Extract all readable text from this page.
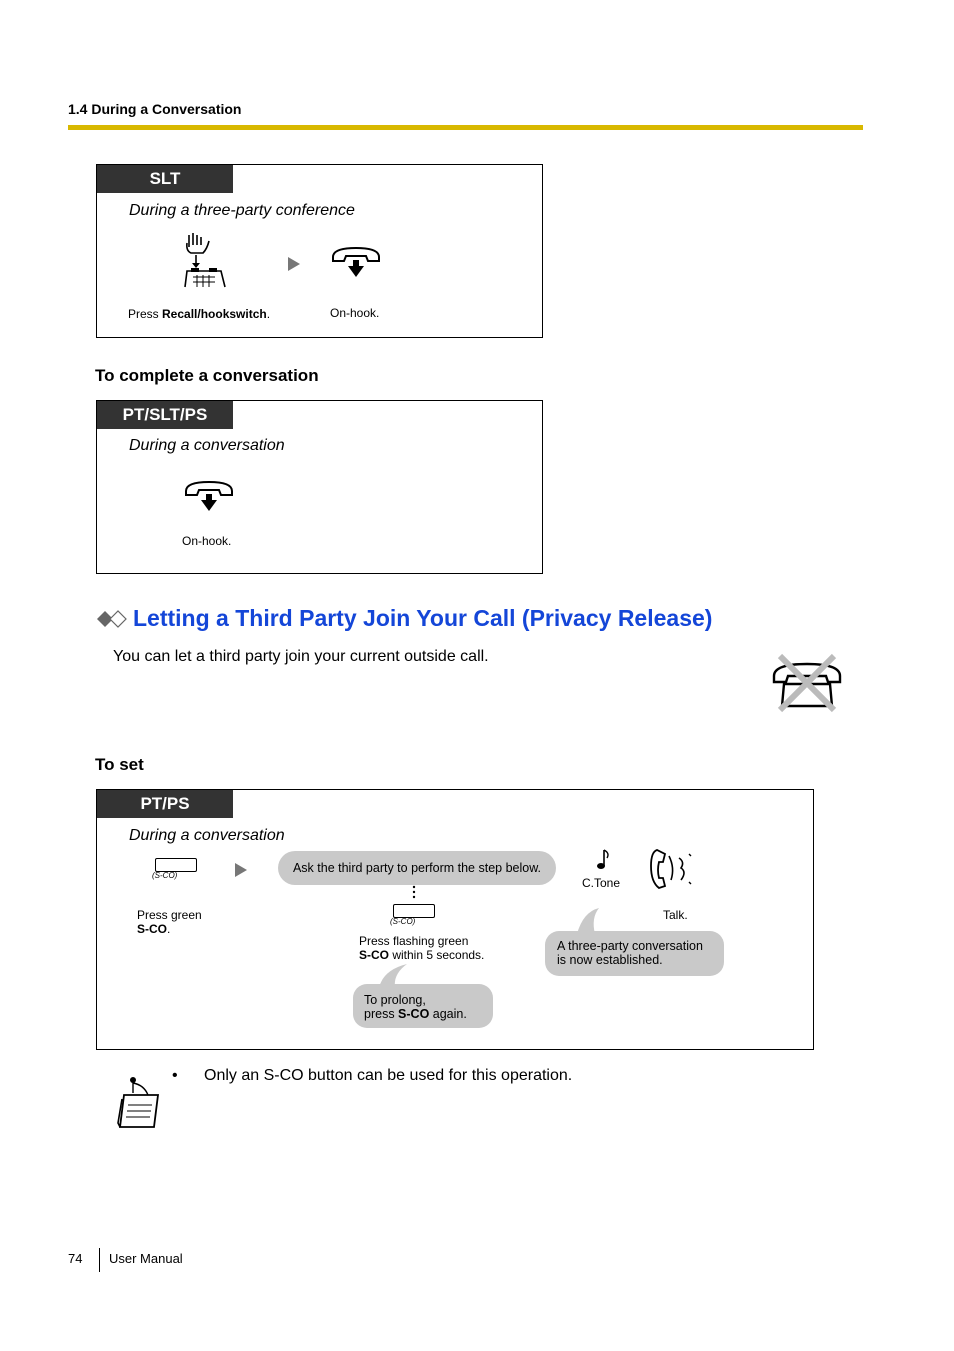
1.4 During a Conversation
SLT
During a three-party conference
Press Recall/hookswitch.	On-hook.
To complete a conversation
PT/SLT/PS
During a conversation
On-hook.
Letting a Third Party Join Your Call (Privacy Release)
You can let a third party join your current outside call.
To set
PT/PS
During a conversation
(S-CO)
Press green
S-CO.
Ask the third party to perform the step below.
(S-CO)
Press flashing green
S-CO within 5 seconds.
To prolong,
press S-CO again.
C.Tone
Talk.
A three-party conversation
is now established.
• Only an S-CO button can be used for this operation.
74 User Manual
